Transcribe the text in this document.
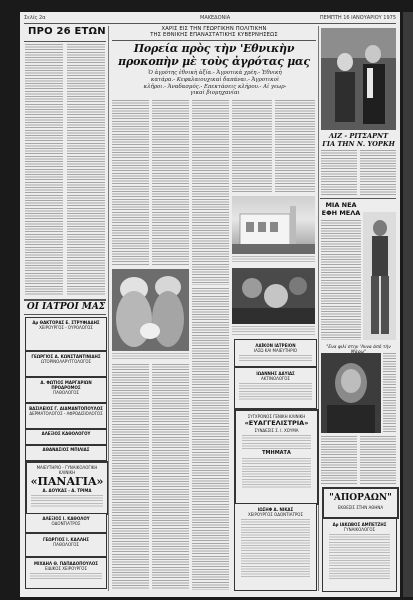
Σελίς 2α	ΜΑΚΕΔΟΝΙΑ	ΠΕΜΠΤΗ 16 ΙΑΝΟΥΑΡΙΟΥ 1975
ΠΡΟ 26 ΕΤΩΝ
ΟΙ ΙΑΤΡΟΙ ΜΑΣ
Δρ ΘΑΚΤΟΡΑΣ Ε. ΣΤΡΥΦΙΑΔΗΣ
ΧΕΙΡΟΥΡΓΟΣ - ΟΥΡΟΛΟΓΟΣ
ΓΕΩΡΓΙΟΣ Α. ΚΩΝΣΤΑΝΤΙΝΙΔΗΣ
ΩΤΟΡΙΝΟΛΑΡΥΓΓΟΛΟΓΟΣ
Α. ΦΩΤΙΟΣ ΜΑΡΓΑΡΙΩΝ ΠΡΟΔΡΟΜΟΣ
ΠΑΘΟΛΟΓΟΣ
ΒΑΣΙΛΕΙΟΣ Γ. ΔΙΑΜΑΝΤΟΠΟΥΛΟΣ
ΔΕΡΜΑΤΟΛΟΓΟΣ - ΑΦΡΟΔΙΣΙΟΛΟΓΟΣ
ΑΛΕΞΙΟΣ ΚΑΘΟΛΟΓΟΥ
ΑΘΑΝΑΣΙΟΣ ΜΠΙΛΙΑΣ
ΜΑΙΕΥΤΗΡΙΟ - ΓΥΝΑΙΚΟΛΟΓΙΚΗ
ΚΛΙΝΙΚΗ
«ΠΑΝΑΓΙΑ»
Α. ΔΟΥΚΑΣ - Α. ΤΡΙΜΑ
ΑΛΕΞΙΟΣ Ι. ΚΑΘΟΛΟΥ
ΟΔΟΝΤΙΑΤΡΟΣ
ΓΕΩΡΓΙΟΣ Ι. ΚΑΛΛΗΣ
ΠΑΘΟΛΟΓΟΣ
ΜΙΧΑΗΛ Θ. ΠΑΠΑΔΟΠΟΥΛΟΣ
ΕΙΔΙΚΟΣ ΧΕΙΡΟΥΡΓΟΣ
ΧΑΡΙΣ ΕΙΣ ΤΗΝ ΓΕΩΡΓΙΚΗΝ ΠΟΛΙΤΙΚΗΝ
ΤΗΣ ΕΘΝΙΚΗΣ ΕΠΑΝΑΣΤΑΤΙΚΗΣ ΚΥΒΕΡΝΗΣΕΩΣ
Πορεία πρὸς τὴν 'Εθνικὴν
προκοπὴν μὲ τοὺς ἀγρότας μας
Ὁ ἀγρότης ἐθνικὴ ἀξία.- Ἀγροτικὰ χρέη.- Ἐθνικὴ
κατάρα.- Κεφαλαιουχικαὶ δαπάναι.- Ἀγροτικοὶ
κλῆροι.- Ἀναδασμός.- Επεκτάσεις κλήρου.- Αἱ γεωρ-
γικαὶ βιομηχανίαι
ΛΑΪΚΟΝ ΙΑΤΡΕΙΟΝ
ΙΑΣΩ ΚΑΙ ΜΑΙΕΥΤΗΡΙΟ
ΙΩΑΝΝΗΣ ΔΑΥΙΔΣ
ΑΚΤΙΝΟΛΟΓΟΣ
ΣΥΓΧΡΟΝΟΣ ΓΕΝΙΚΗ ΚΛΙΝΙΚΗ
«ΕΥΑΓΓΕΛΙΣΤΡΙΑ»
ΣΥΝΔΕΣΙΣ Σ. Ι. ΧΟΥΜΑ
ΤΜΗΜΑΤΑ
ΙΩΣΗΦ Α. ΝΙΚΑΣ
ΧΕΙΡΟΥΡΓΟΣ ΟΔΟΝΤΙΑΤΡΟΣ
ΛΙΖ - ΡΙΤΣΑΡΝΤ
ΓΙΑ ΤΗΝ Ν. ΥΟΡΚΗ
ΜΙΑ ΝΕΑ
ΕΦΗ ΜΕΛΑ
"Ενα φιλί στην 'Αννα ἀπό τὴν
"ΑΠΟΡΑΩΝ"
ΕΚΘΕΣΙΣ ΣΤΗΝ ΑΘΗΝΑ
Δρ ΙΑΚΩΒΟΣ ΑΜΠΕΤΖΗΣ
ΓΥΝΑΙΚΟΛΟΓΟΣ
